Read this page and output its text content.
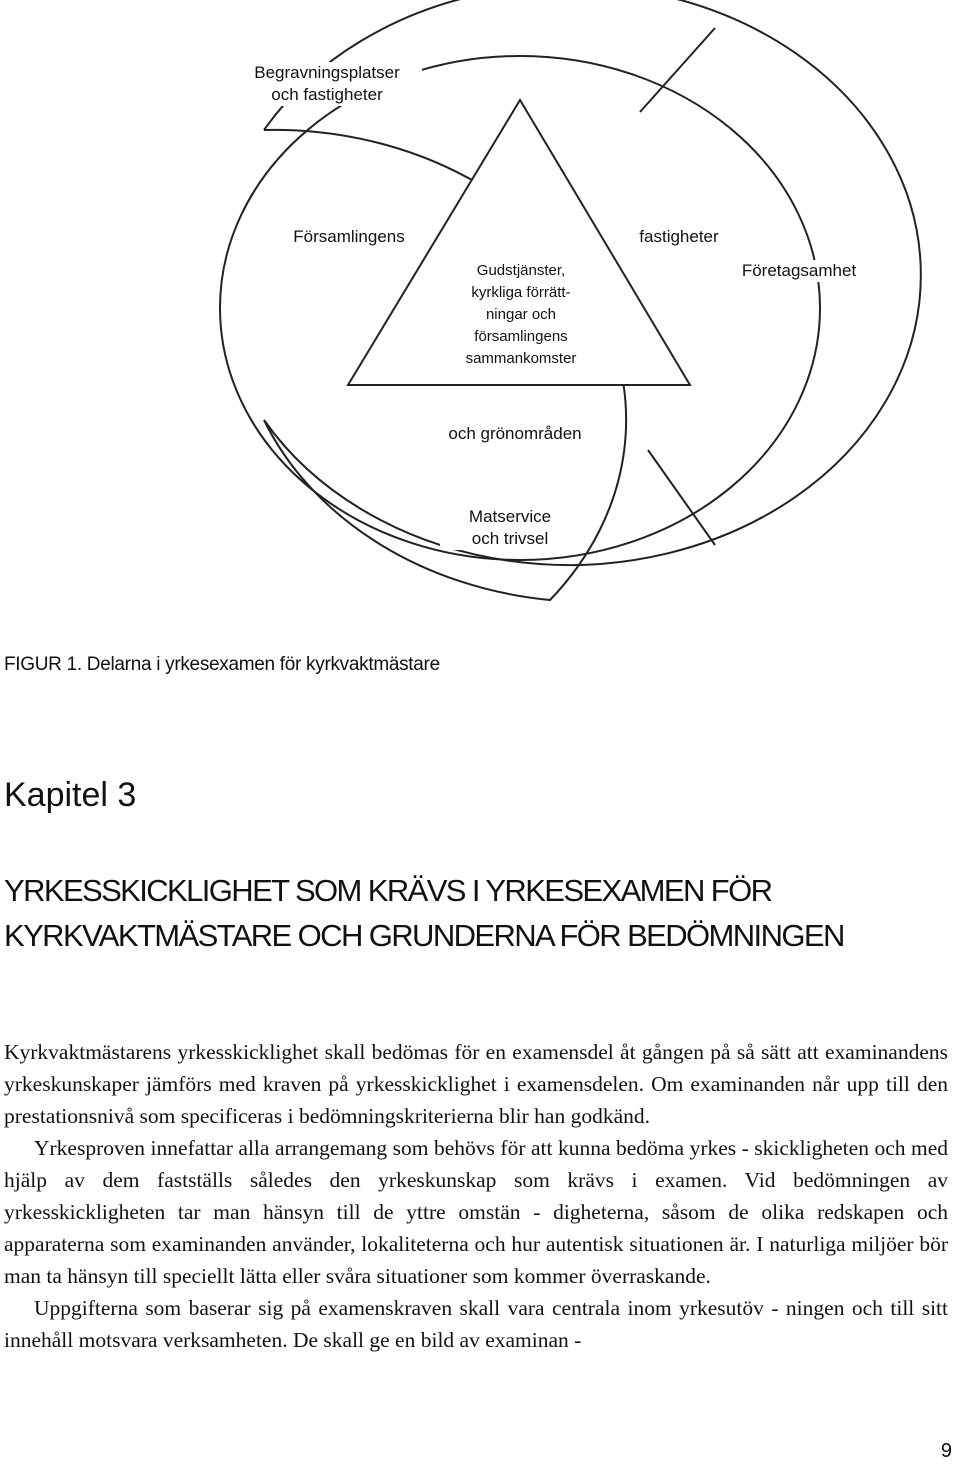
Begravningsplatser
och fastigheter
Församlingens	fastigheter
Företagsamhet
Gudstjänster,
kyrkliga förrätt-
ningar och
församlingens
sammankomster
och grönområden
Matservice
och trivsel
FIGUR 1. Delarna i yrkesexamen för kyrkvaktmästare
Kapitel 3
YRKESSKICKLIGHET SOM KRÄVS I YRKESEXAMEN FÖR KYRKVAKTMÄSTARE OCH GRUNDERNA FÖR BEDÖMNINGEN

Kyrkvaktmästarens yrkesskicklighet skall bedömas för en examensdel åt gången på så sätt att examinandens yrkeskunskaper jämförs med kraven på yrkesskicklighet i examensdelen. Om examinanden når upp till den prestationsnivå som specificeras i bedömningskriterierna blir han godkänd.

Yrkesproven innefattar alla arrangemang som behövs för att kunna bedöma yrkes - skickligheten och med hjälp av dem fastställs således den yrkeskunskap som krävs i examen. Vid bedömningen av yrkesskickligheten tar man hänsyn till de yttre omstän - digheterna, såsom de olika redskapen och apparaterna som examinanden använder, lokaliteterna och hur autentisk situationen är. I naturliga miljöer bör man ta hänsyn till speciellt lätta eller svåra situationer som kommer överraskande.

Uppgifterna som baserar sig på examenskraven skall vara centrala inom yrkesutöv - ningen och till sitt innehåll motsvara verksamheten. De skall ge en bild av examinan -

9
